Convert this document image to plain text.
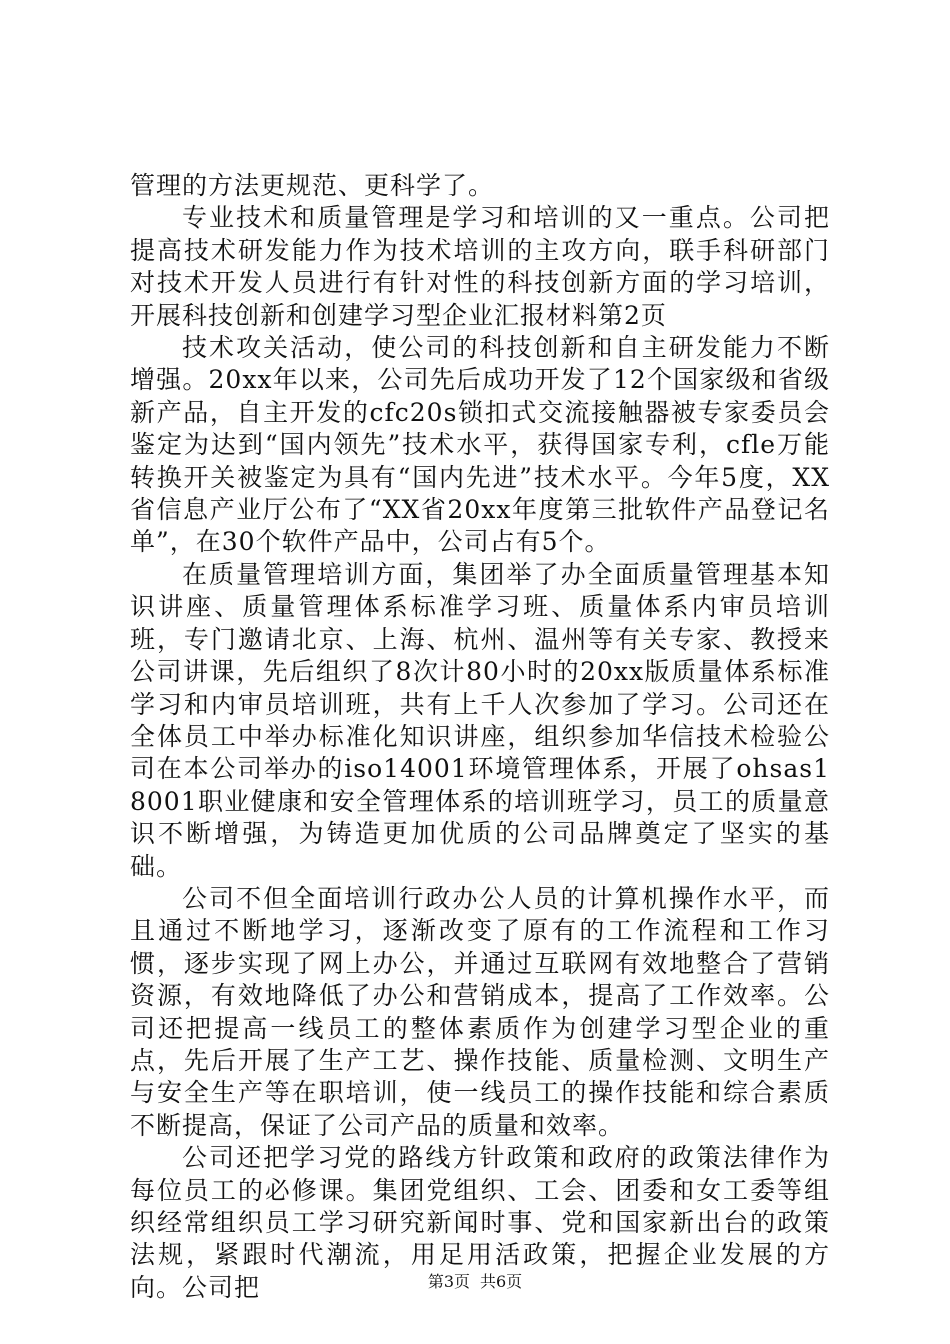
管理的方法更规范、更科学了。

专业技术和质量管理是学习和培训的又一重点。公司把提高技术研发能力作为技术培训的主攻方向，联手科研部门对技术开发人员进行有针对性的科技创新方面的学习培训，开展科技创新和创建学习型企业汇报材料第2页

技术攻关活动，使公司的科技创新和自主研发能力不断增强。20xx年以来，公司先后成功开发了12个国家级和省级新产品，自主开发的cfc20s锁扣式交流接触器被专家委员会鉴定为达到“国内领先”技术水平，获得国家专利，cfle万能转换开关被鉴定为具有“国内先进”技术水平。今年5度，XX省信息产业厅公布了“XX省20xx年度第三批软件产品登记名单”，在30个软件产品中，公司占有5个。

在质量管理培训方面，集团举了办全面质量管理基本知识讲座、质量管理体系标准学习班、质量体系内审员培训班，专门邀请北京、上海、杭州、温州等有关专家、教授来公司讲课，先后组织了8次计80小时的20xx版质量体系标准学习和内审员培训班，共有上千人次参加了学习。公司还在全体员工中举办标准化知识讲座，组织参加华信技术检验公司在本公司举办的iso14001环境管理体系，开展了ohsas18001职业健康和安全管理体系的培训班学习，员工的质量意识不断增强，为铸造更加优质的公司品牌奠定了坚实的基础。

公司不但全面培训行政办公人员的计算机操作水平，而且通过不断地学习，逐渐改变了原有的工作流程和工作习惯，逐步实现了网上办公，并通过互联网有效地整合了营销资源，有效地降低了办公和营销成本，提高了工作效率。公司还把提高一线员工的整体素质作为创建学习型企业的重点，先后开展了生产工艺、操作技能、质量检测、文明生产与安全生产等在职培训，使一线员工的操作技能和综合素质不断提高，保证了公司产品的质量和效率。

公司还把学习党的路线方针政策和政府的政策法律作为每位员工的必修课。集团党组织、工会、团委和女工委等组织经常组织员工学习研究新闻时事、党和国家新出台的政策法规，紧跟时代潮流，用足用活政策，把握企业发展的方向。公司把	第3页 共6页
